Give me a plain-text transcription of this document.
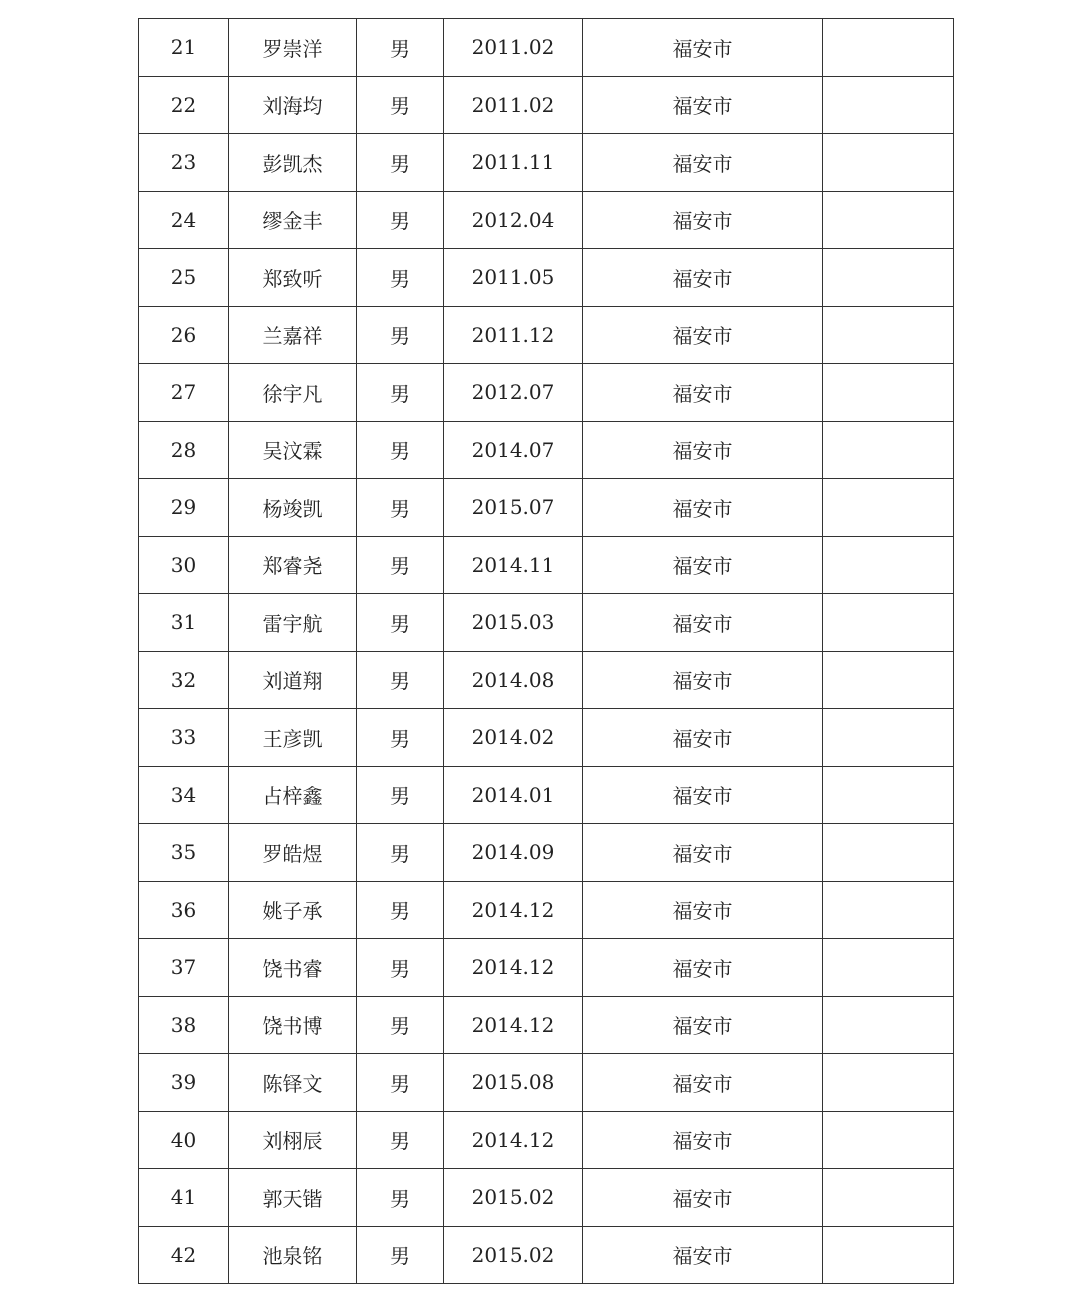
21	罗崇洋	男	2011.02	福安市	
22	刘海均	男	2011.02	福安市	
23	彭凯杰	男	2011.11	福安市	
24	缪金丰	男	2012.04	福安市	
25	郑致听	男	2011.05	福安市	
26	兰嘉祥	男	2011.12	福安市	
27	徐宇凡	男	2012.07	福安市	
28	吴汶霖	男	2014.07	福安市	
29	杨竣凯	男	2015.07	福安市	
30	郑睿尧	男	2014.11	福安市	
31	雷宇航	男	2015.03	福安市	
32	刘道翔	男	2014.08	福安市	
33	王彦凯	男	2014.02	福安市	
34	占梓鑫	男	2014.01	福安市	
35	罗皓煜	男	2014.09	福安市	
36	姚子承	男	2014.12	福安市	
37	饶书睿	男	2014.12	福安市	
38	饶书博	男	2014.12	福安市	
39	陈铎文	男	2015.08	福安市	
40	刘栩辰	男	2014.12	福安市	
41	郭天锴	男	2015.02	福安市	
42	池泉铭	男	2015.02	福安市	
